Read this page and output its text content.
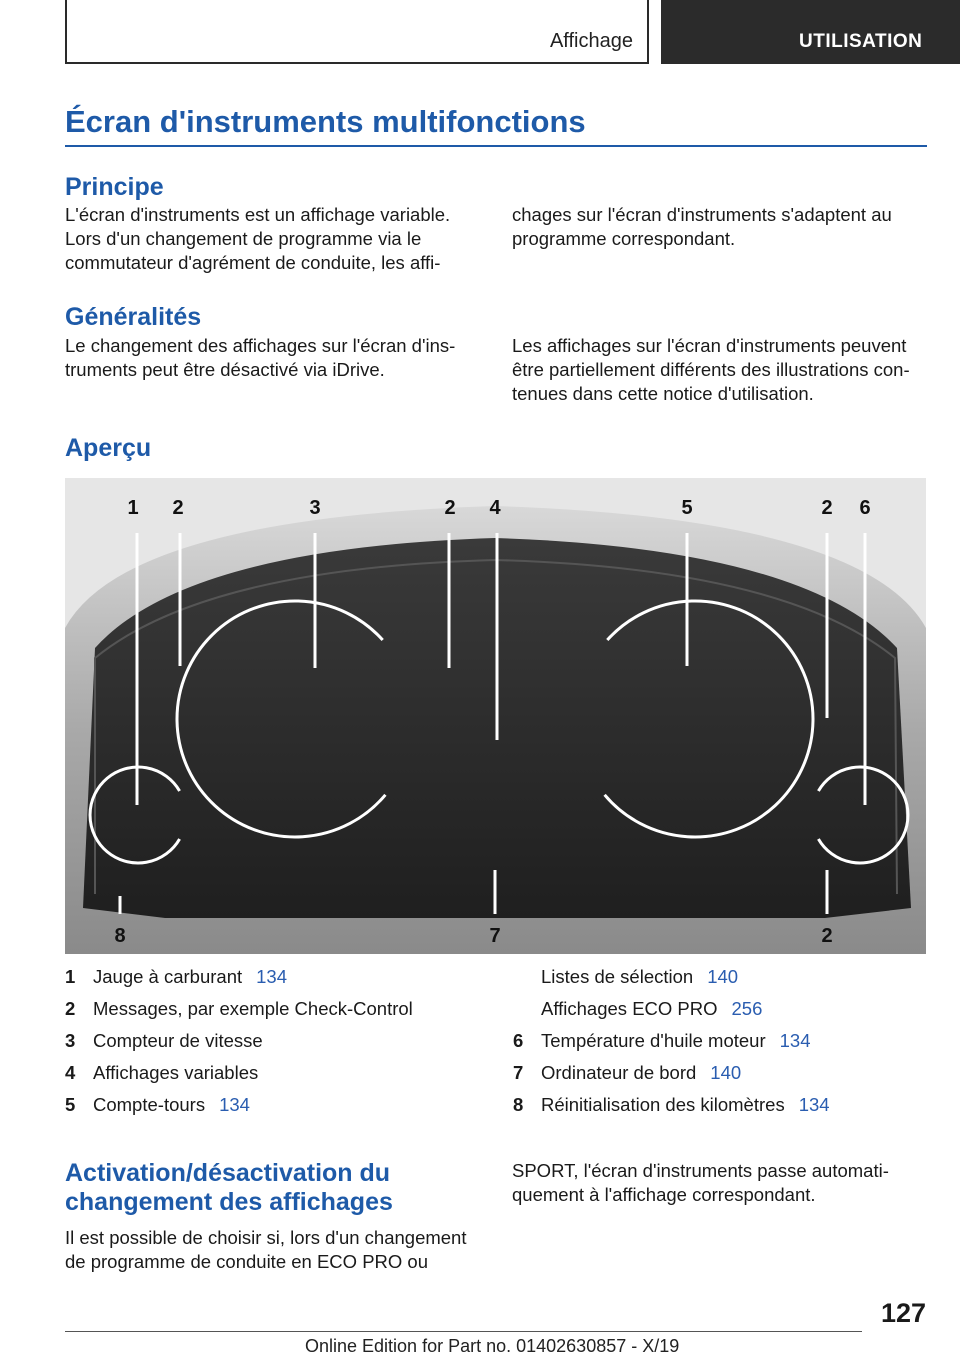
Affichage	UTILISATION
Écran d'instruments multifonctions
Principe
L'écran d'instruments est un affichage variable.
Lors d'un changement de programme via le
commutateur d'agrément de conduite, les affi-
chages sur l'écran d'instruments s'adaptent au
programme correspondant.
Généralités
Le changement des affichages sur l'écran d'ins-
truments peut être désactivé via iDrive.
Les affichages sur l'écran d'instruments peuvent
être partiellement différents des illustrations con-
tenues dans cette notice d'utilisation.
Aperçu
1 2	3	2 4	5	2 6
8	7	2
1 Jauge à carburant 134
2 Messages, par exemple Check-Control
3 Compteur de vitesse
4 Affichages variables
5 Compte-tours 134
Listes de sélection 140
Affichages ECO PRO 256
6 Température d'huile moteur 134
7 Ordinateur de bord 140
8 Réinitialisation des kilomètres 134
Activation/désactivation du
changement des affichages
Il est possible de choisir si, lors d'un changement
de programme de conduite en ECO PRO ou
SPORT, l'écran d'instruments passe automati-
quement à l'affichage correspondant.
127
Online Edition for Part no. 01402630857 - X/19
